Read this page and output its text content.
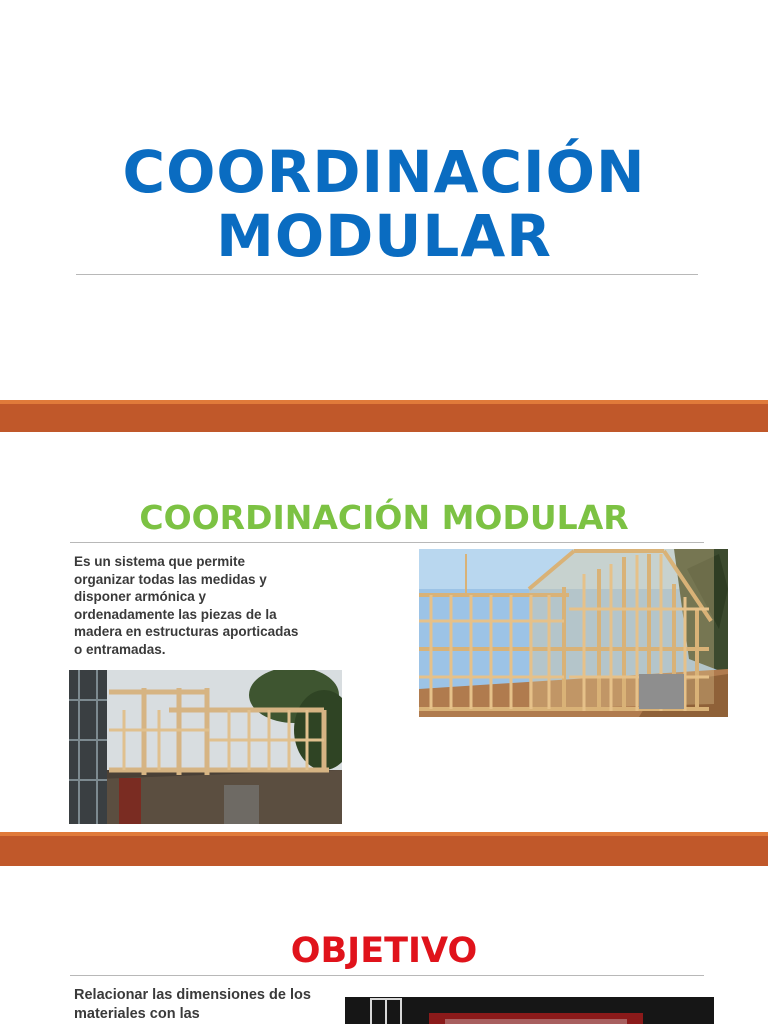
COORDINACIÓN
MODULAR
COORDINACIÓN MODULAR

Es un sistema que permite organizar todas las medidas y disponer armónica y ordenadamente las piezas de la madera en estructuras aporticadas o entramadas.

OBJETIVO

Relacionar las dimensiones de los materiales con las
